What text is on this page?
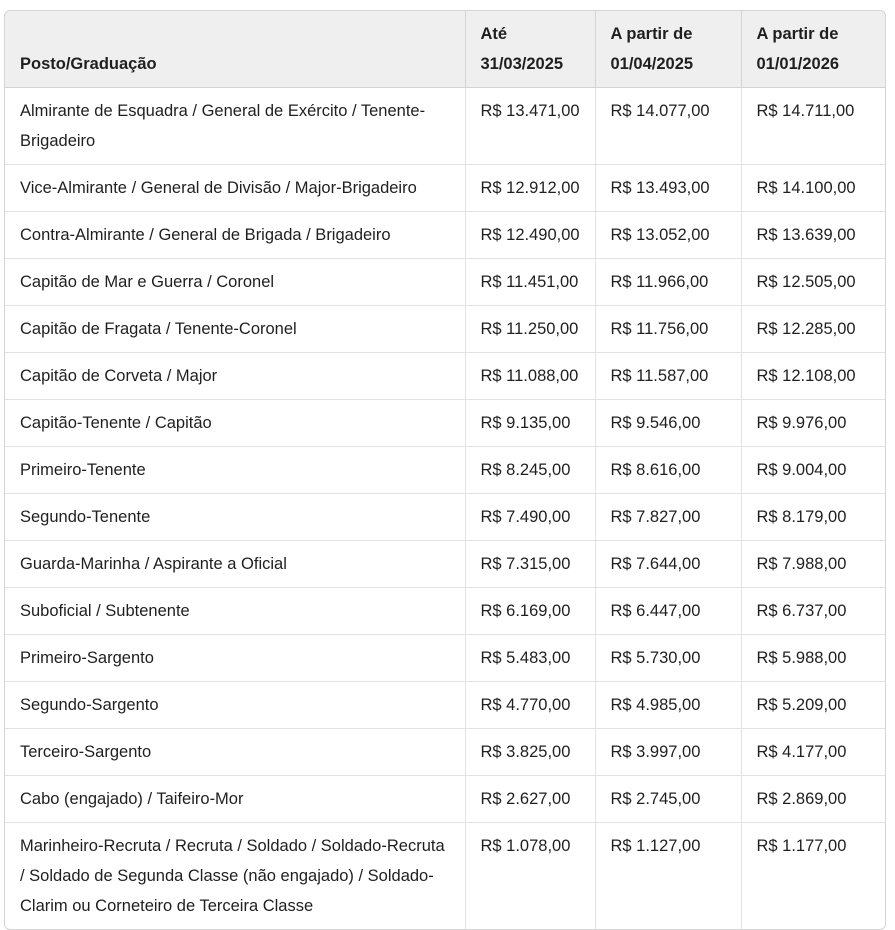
Posto/Graduação	Até 31/03/2025	A partir de 01/04/2025	A partir de 01/01/2026
Almirante de Esquadra / General de Exército / Tenente-Brigadeiro	R$ 13.471,00	R$ 14.077,00	R$ 14.711,00
Vice-Almirante / General de Divisão / Major-Brigadeiro	R$ 12.912,00	R$ 13.493,00	R$ 14.100,00
Contra-Almirante / General de Brigada / Brigadeiro	R$ 12.490,00	R$ 13.052,00	R$ 13.639,00
Capitão de Mar e Guerra / Coronel	R$ 11.451,00	R$ 11.966,00	R$ 12.505,00
Capitão de Fragata / Tenente-Coronel	R$ 11.250,00	R$ 11.756,00	R$ 12.285,00
Capitão de Corveta / Major	R$ 11.088,00	R$ 11.587,00	R$ 12.108,00
Capitão-Tenente / Capitão	R$ 9.135,00	R$ 9.546,00	R$ 9.976,00
Primeiro-Tenente	R$ 8.245,00	R$ 8.616,00	R$ 9.004,00
Segundo-Tenente	R$ 7.490,00	R$ 7.827,00	R$ 8.179,00
Guarda-Marinha / Aspirante a Oficial	R$ 7.315,00	R$ 7.644,00	R$ 7.988,00
Suboficial / Subtenente	R$ 6.169,00	R$ 6.447,00	R$ 6.737,00
Primeiro-Sargento	R$ 5.483,00	R$ 5.730,00	R$ 5.988,00
Segundo-Sargento	R$ 4.770,00	R$ 4.985,00	R$ 5.209,00
Terceiro-Sargento	R$ 3.825,00	R$ 3.997,00	R$ 4.177,00
Cabo (engajado) / Taifeiro-Mor	R$ 2.627,00	R$ 2.745,00	R$ 2.869,00
Marinheiro-Recruta / Recruta / Soldado / Soldado-Recruta / Soldado de Segunda Classe (não engajado) / Soldado-Clarim ou Corneteiro de Terceira Classe	R$ 1.078,00	R$ 1.127,00	R$ 1.177,00
